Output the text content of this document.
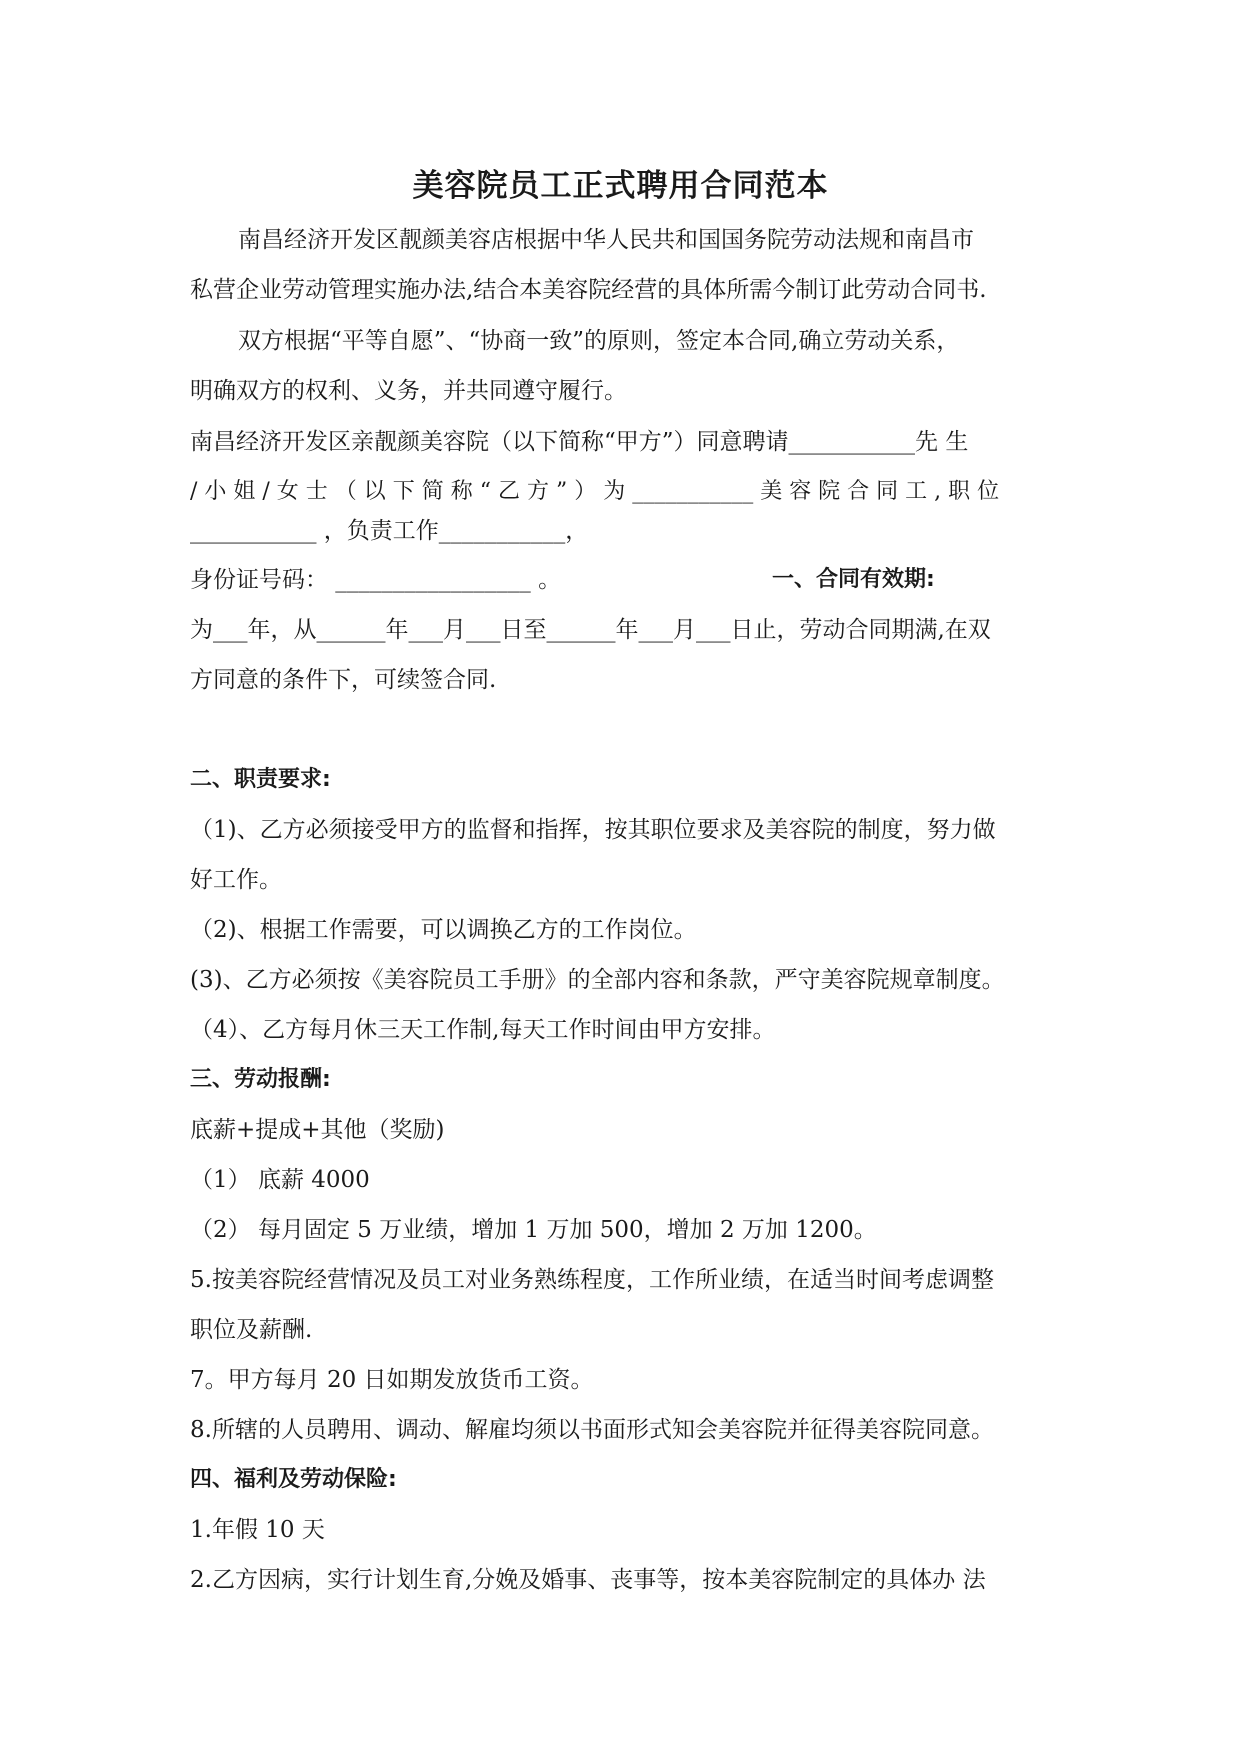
美容院员工正式聘用合同范本

南昌经济开发区靓颜美容店根据中华人民共和国国务院劳动法规和南昌市

私营企业劳动管理实施办法,结合本美容院经营的具体所需今制订此劳动合同书.

双方根据“平等自愿”、“协商一致”的原则，签定本合同,确立劳动关系，

明确双方的权利、义务，并共同遵守履行。

南昌经济开发区亲靓颜美容院（以下简称“甲方”）同意聘请___________先 生

/ 小 姐 / 女 士 （ 以 下 简 称 “ 乙 方 ” ） 为 ___________ 美 容 院 合 同 工 , 职 位

___________ ，负责工作___________，

身份证号码： _________________ 。	一、合同有效期:

为___年，从______年___月___日至______年___月___日止，劳动合同期满,在双

方同意的条件下，可续签合同.

二、职责要求:

（1)、乙方必须接受甲方的监督和指挥，按其职位要求及美容院的制度，努力做

好工作。

（2)、根据工作需要，可以调换乙方的工作岗位。

(3)、乙方必须按《美容院员工手册》的全部内容和条款，严守美容院规章制度。

（4）、乙方每月休三天工作制,每天工作时间由甲方安排。

三、劳动报酬:

底薪+提成+其他（奖励)

（1） 底薪 4000

（2） 每月固定 5 万业绩，增加 1 万加 500，增加 2 万加 1200。

5.按美容院经营情况及员工对业务熟练程度，工作所业绩，在适当时间考虑调整

职位及薪酬.

7。甲方每月 20 日如期发放货币工资。

8.所辖的人员聘用、调动、解雇均须以书面形式知会美容院并征得美容院同意。

四、福利及劳动保险:

1.年假 10 天

2.乙方因病，实行计划生育,分娩及婚事、丧事等，按本美容院制定的具体办 法
